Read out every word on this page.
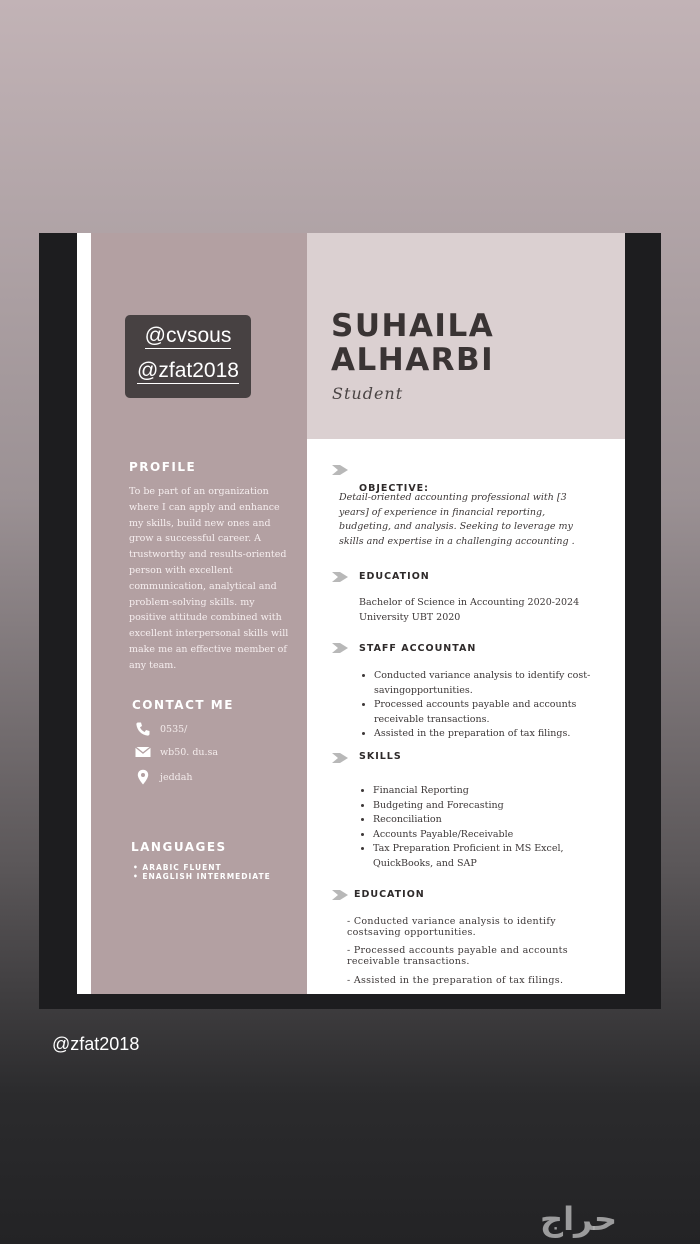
@cvsous
@zfat2018
SUHAILA
ALHARBI
Student
PROFILE
To be part of an organization where I can apply and enhance my skills, build new ones and grow a successful career. A trustworthy and results-oriented person with excellent communication, analytical and problem-solving skills. my positive attitude combined with excellent interpersonal skills will make me an effective member of any team.
CONTACT ME
0535/
wb50. du.sa
jeddah
LANGUAGES
• ARABIC FLUENT
• ENAGLISH INTERMEDIATE
OBJECTIVE:
Detail-oriented accounting professional with [3 years] of experience in financial reporting, budgeting, and analysis. Seeking to leverage my skills and expertise in a challenging accounting .
EDUCATION
Bachelor of Science in Accounting 2020-2024
University UBT 2020
STAFF ACCOUNTAN
• Conducted variance analysis to identify cost-savingopportunities.
• Processed accounts payable and accounts receivable transactions.
• Assisted in the preparation of tax filings.
SKILLS
• Financial Reporting
• Budgeting and Forecasting
• Reconciliation
• Accounts Payable/Receivable
• Tax Preparation Proficient in MS Excel, QuickBooks, and SAP
EDUCATION
- Conducted variance analysis to identify costsaving opportunities.
- Processed accounts payable and accounts receivable transactions.
- Assisted in the preparation of tax filings.
@zfat2018
حراج
